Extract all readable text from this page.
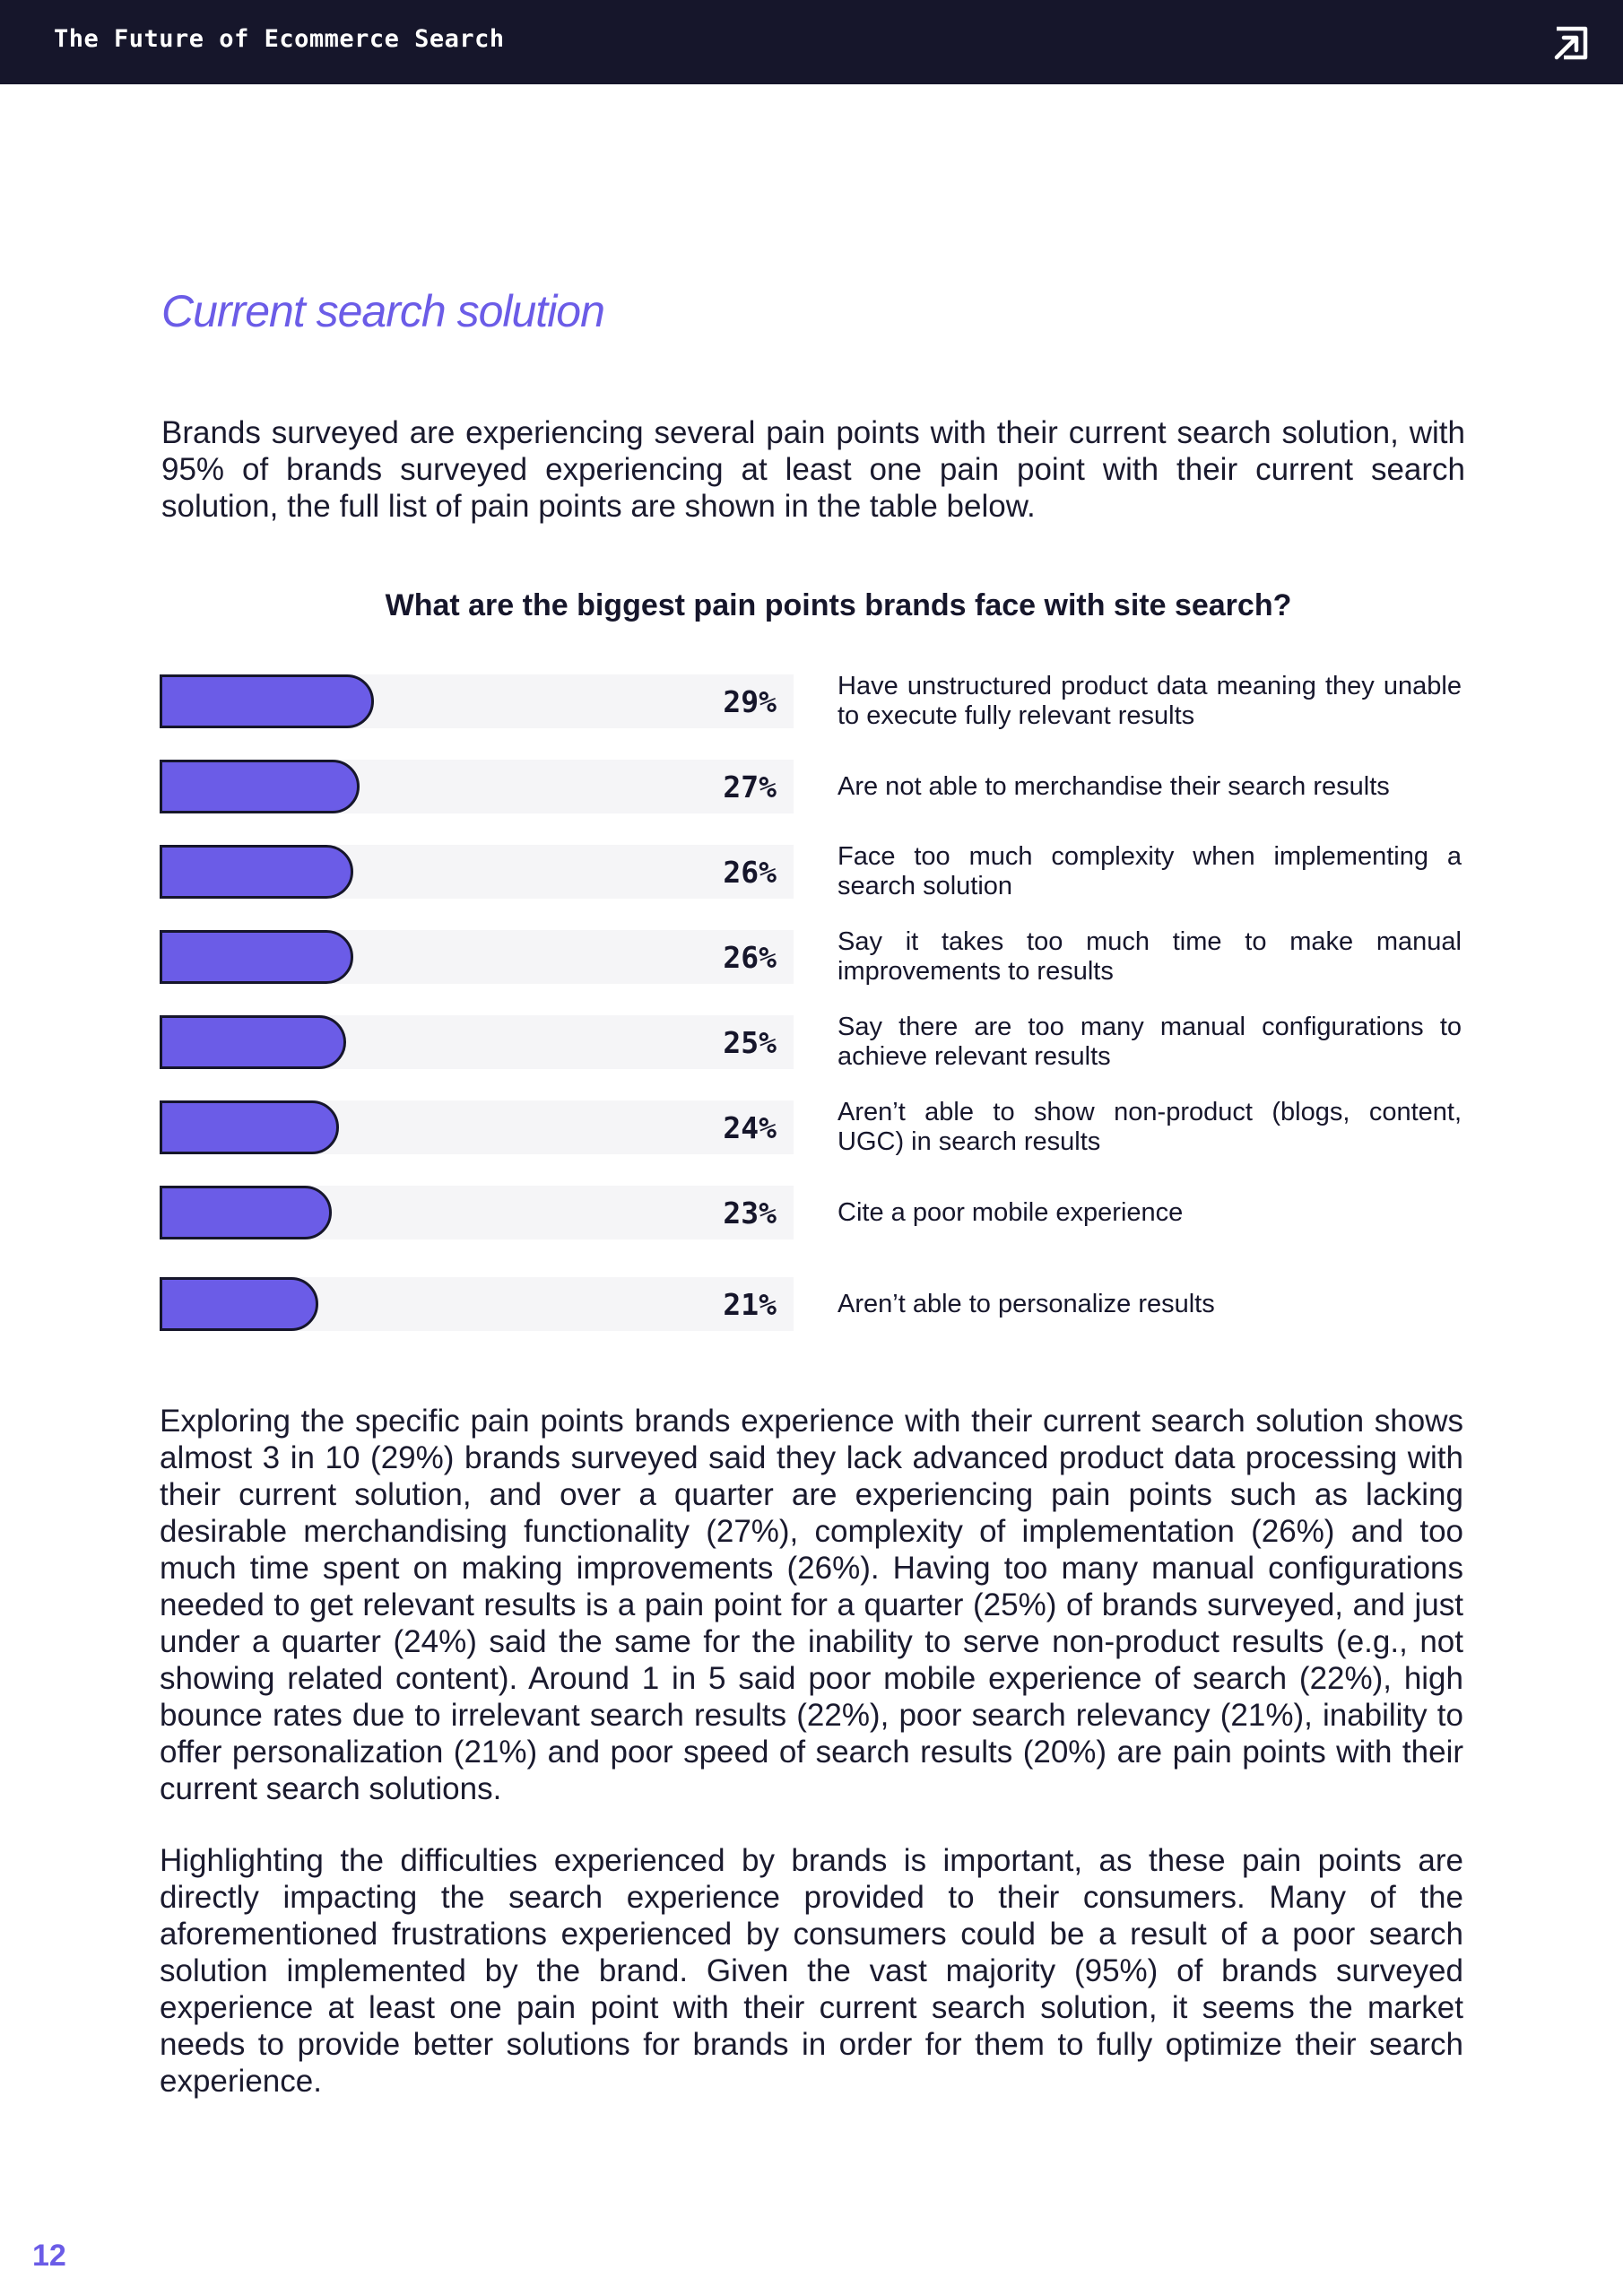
The Future of Ecommerce Search
Current search solution

Brands surveyed are experiencing several pain points with their current search solution, with 95% of brands surveyed experiencing at least one pain point with their current search solution, the full list of pain points are shown in the table below.

What are the biggest pain points brands face with site search?
29% Have unstructured product data meaning they unable to execute fully relevant results
27% Are not able to merchandise their search results
26% Face too much complexity when implementing a search solution
26% Say it takes too much time to make manual improvements to results
25% Say there are too many manual configurations to achieve relevant results
24% Aren’t able to show non-product (blogs, content, UGC) in search results
23% Cite a poor mobile experience
21% Aren’t able to personalize results

Exploring the specific pain points brands experience with their current search solution shows almost 3 in 10 (29%) brands surveyed said they lack advanced product data processing with their current solution, and over a quarter are experiencing pain points such as lacking desirable merchandising functionality (27%), complexity of implementation (26%) and too much time spent on making improvements (26%). Having too many manual configurations needed to get relevant results is a pain point for a quarter (25%) of brands surveyed, and just under a quarter (24%) said the same for the inability to serve non-product results (e.g., not showing related content). Around 1 in 5 said poor mobile experience of search (22%), high bounce rates due to irrelevant search results (22%), poor search relevancy (21%), inability to offer personalization (21%) and poor speed of search results (20%) are pain points with their current search solutions.

Highlighting the difficulties experienced by brands is important, as these pain points are directly impacting the search experience provided to their consumers. Many of the aforementioned frustrations experienced by consumers could be a result of a poor search solution implemented by the brand. Given the vast majority (95%) of brands surveyed experience at least one pain point with their current search solution, it seems the market needs to provide better solutions for brands in order for them to fully optimize their search experience.

12
